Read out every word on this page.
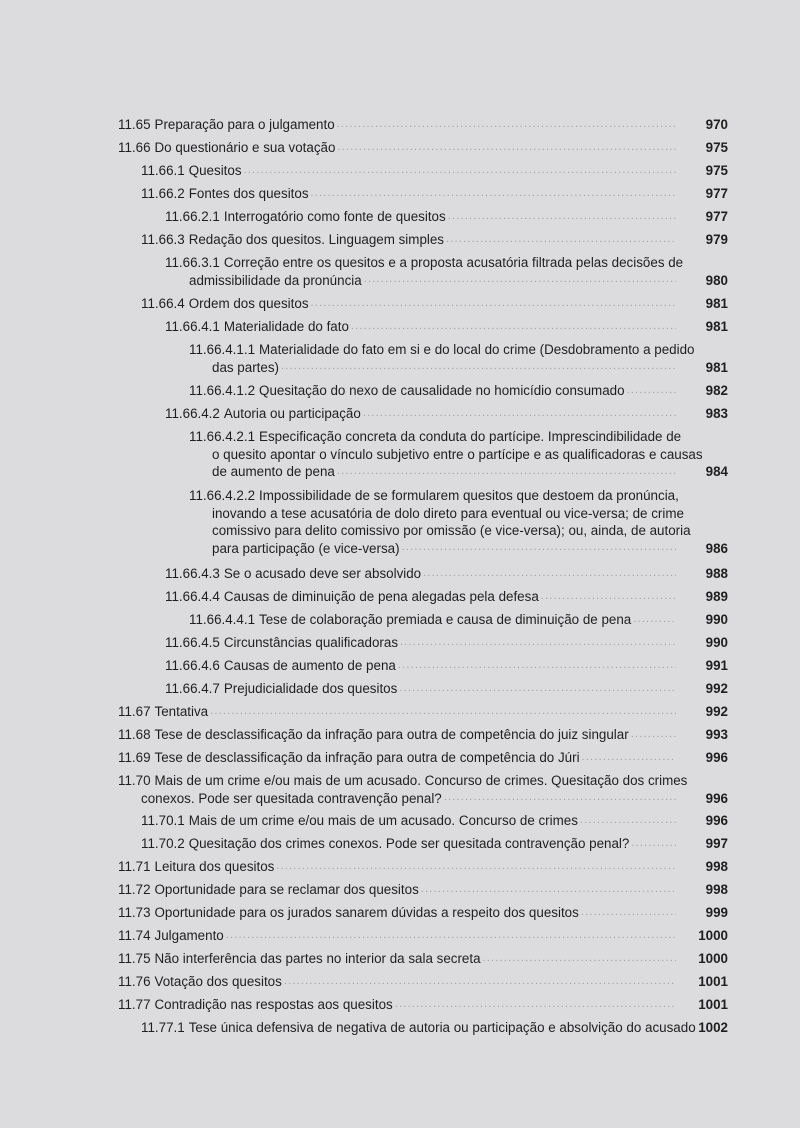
11.65 Preparação para o julgamento .....	970
11.66 Do questionário e sua votação .....	975
11.66.1 Quesitos .....	975
11.66.2 Fontes dos quesitos .....	977
11.66.2.1 Interrogatório como fonte de quesitos .....	977
11.66.3 Redação dos quesitos. Linguagem simples .....	979
11.66.3.1 Correção entre os quesitos e a proposta acusatória filtrada pelas decisões de
admissibilidade da pronúncia .....	980
11.66.4 Ordem dos quesitos .....	981
11.66.4.1 Materialidade do fato .....	981
11.66.4.1.1 Materialidade do fato em si e do local do crime (Desdobramento a pedido
das partes) .....	981
11.66.4.1.2 Quesitação do nexo de causalidade no homicídio consumado .....	982
11.66.4.2 Autoria ou participação .....	983
11.66.4.2.1 Especificação concreta da conduta do partícipe. Imprescindibilidade de
o quesito apontar o vínculo subjetivo entre o partícipe e as qualificadoras e causas
de aumento de pena .....	984
11.66.4.2.2 Impossibilidade de se formularem quesitos que destoem da pronúncia,
inovando a tese acusatória de dolo direto para eventual ou vice-versa; de crime
comissivo para delito comissivo por omissão (e vice-versa); ou, ainda, de autoria
para participação (e vice-versa) .....	986
11.66.4.3 Se o acusado deve ser absolvido .....	988
11.66.4.4 Causas de diminuição de pena alegadas pela defesa .....	989
11.66.4.4.1 Tese de colaboração premiada e causa de diminuição de pena .....	990
11.66.4.5 Circunstâncias qualificadoras .....	990
11.66.4.6 Causas de aumento de pena .....	991
11.66.4.7 Prejudicialidade dos quesitos .....	992
11.67 Tentativa .....	992
11.68 Tese de desclassificação da infração para outra de competência do juiz singular .....	993
11.69 Tese de desclassificação da infração para outra de competência do Júri .....	996
11.70 Mais de um crime e/ou mais de um acusado. Concurso de crimes. Quesitação dos crimes
conexos. Pode ser quesitada contravenção penal? .....	996
11.70.1 Mais de um crime e/ou mais de um acusado. Concurso de crimes .....	996
11.70.2 Quesitação dos crimes conexos. Pode ser quesitada contravenção penal? .....	997
11.71 Leitura dos quesitos .....	998
11.72 Oportunidade para se reclamar dos quesitos .....	998
11.73 Oportunidade para os jurados sanarem dúvidas a respeito dos quesitos .....	999
11.74 Julgamento .....	1000
11.75 Não interferência das partes no interior da sala secreta .....	1000
11.76 Votação dos quesitos .....	1001
11.77 Contradição nas respostas aos quesitos .....	1001
11.77.1 Tese única defensiva de negativa de autoria ou participação e absolvição do acusado 1002
